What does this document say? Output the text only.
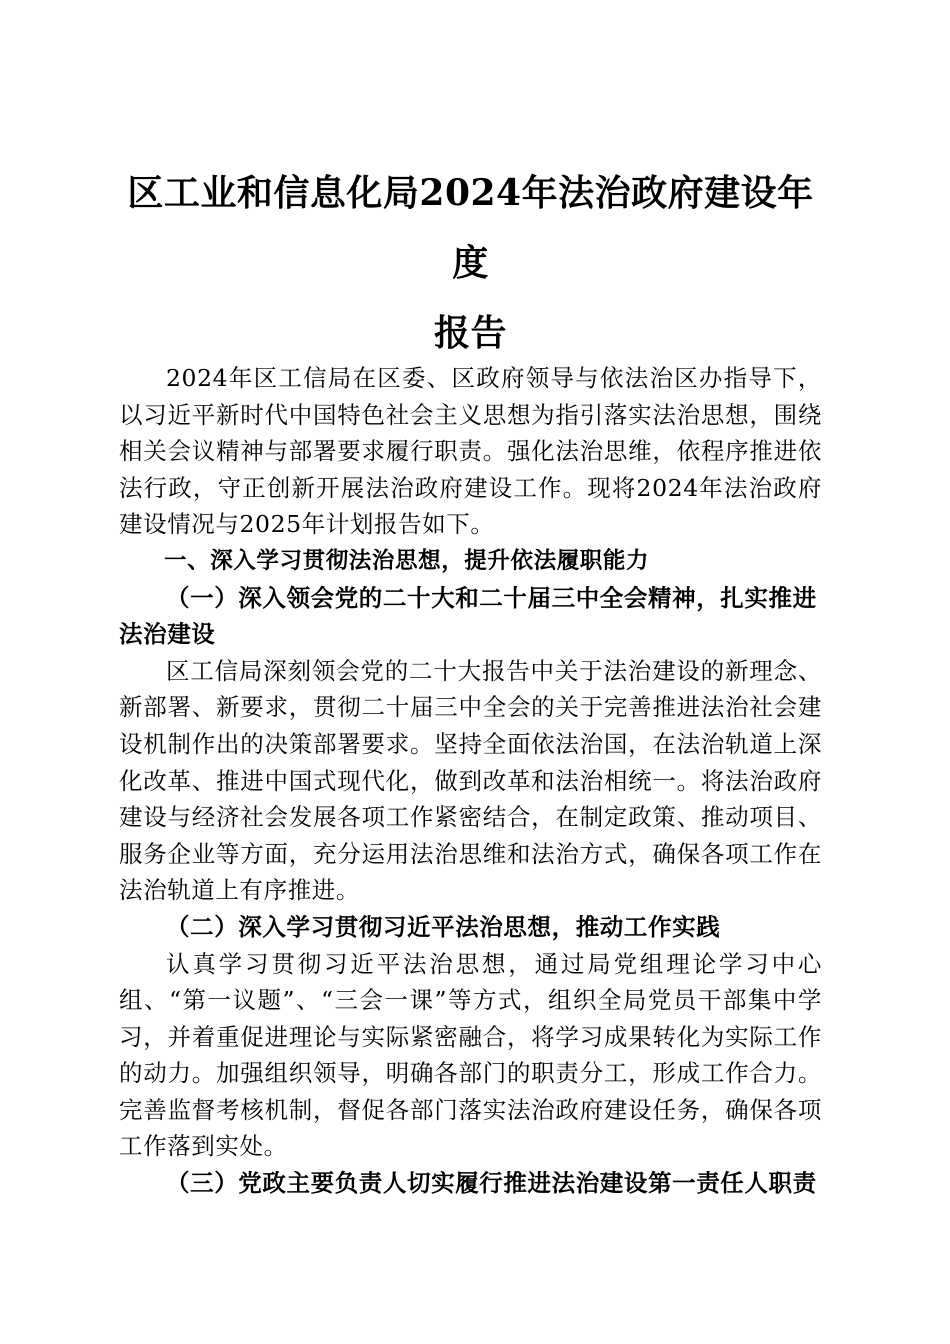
区工业和信息化局2024年法治政府建设年度
报告

2024年区工信局在区委、区政府领导与依法治区办指导下，以习近平新时代中国特色社会主义思想为指引落实法治思想，围绕相关会议精神与部署要求履行职责。强化法治思维，依程序推进依法行政，守正创新开展法治政府建设工作。现将2024年法治政府建设情况与2025年计划报告如下。

一、深入学习贯彻法治思想，提升依法履职能力

（一）深入领会党的二十大和二十届三中全会精神，扎实推进法治建设

区工信局深刻领会党的二十大报告中关于法治建设的新理念、新部署、新要求，贯彻二十届三中全会的关于完善推进法治社会建设机制作出的决策部署要求。坚持全面依法治国，在法治轨道上深化改革、推进中国式现代化，做到改革和法治相统一。将法治政府建设与经济社会发展各项工作紧密结合，在制定政策、推动项目、服务企业等方面，充分运用法治思维和法治方式，确保各项工作在法治轨道上有序推进。

（二）深入学习贯彻习近平法治思想，推动工作实践

认真学习贯彻习近平法治思想，通过局党组理论学习中心组、“第一议题”、“三会一课”等方式，组织全局党员干部集中学习，并着重促进理论与实际紧密融合，将学习成果转化为实际工作的动力。加强组织领导，明确各部门的职责分工，形成工作合力。完善监督考核机制，督促各部门落实法治政府建设任务，确保各项工作落到实处。

（三）党政主要负责人切实履行推进法治建设第一责任人职责
